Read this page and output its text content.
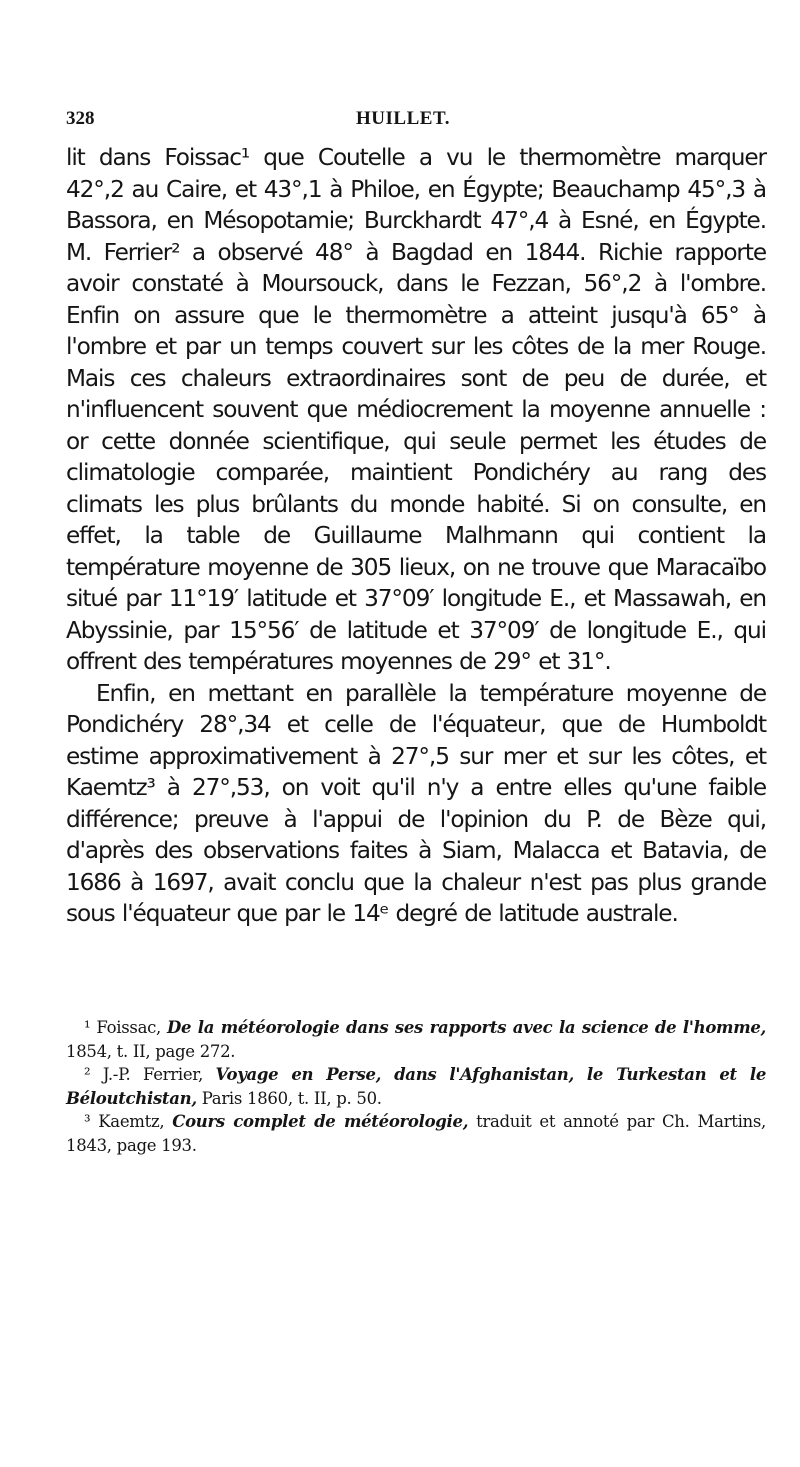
328	HUILLET.

lit dans Foissac¹ que Coutelle a vu le thermomètre marquer 42°,2 au Caire, et 43°,1 à Philoe, en Égypte; Beauchamp 45°,3 à Bassora, en Mésopotamie; Burckhardt 47°,4 à Esné, en Égypte. M. Ferrier² a observé 48° à Bagdad en 1844. Richie rapporte avoir constaté à Moursouck, dans le Fezzan, 56°,2 à l'ombre. Enfin on assure que le thermomètre a atteint jusqu'à 65° à l'ombre et par un temps couvert sur les côtes de la mer Rouge. Mais ces chaleurs extraordinaires sont de peu de durée, et n'influencent souvent que médiocrement la moyenne annuelle : or cette donnée scientifique, qui seule permet les études de climatologie comparée, maintient Pondichéry au rang des climats les plus brûlants du monde habité. Si on consulte, en effet, la table de Guillaume Malhmann qui contient la température moyenne de 305 lieux, on ne trouve que Maracaïbo situé par 11°19′ latitude et 37°09′ longitude E., et Massawah, en Abyssinie, par 15°56′ de latitude et 37°09′ de longitude E., qui offrent des températures moyennes de 29° et 31°.

Enfin, en mettant en parallèle la température moyenne de Pondichéry 28°,34 et celle de l'équateur, que de Humboldt estime approximativement à 27°,5 sur mer et sur les côtes, et Kaemtz³ à 27°,53, on voit qu'il n'y a entre elles qu'une faible différence; preuve à l'appui de l'opinion du P. de Bèze qui, d'après des observations faites à Siam, Malacca et Batavia, de 1686 à 1697, avait conclu que la chaleur n'est pas plus grande sous l'équateur que par le 14ᵉ degré de latitude australe.

¹ Foissac, De la météorologie dans ses rapports avec la science de l'homme, 1854, t. II, page 272.

² J.-P. Ferrier, Voyage en Perse, dans l'Afghanistan, le Turkestan et le Béloutchistan, Paris 1860, t. II, p. 50.

³ Kaemtz, Cours complet de météorologie, traduit et annoté par Ch. Martins, 1843, page 193.
